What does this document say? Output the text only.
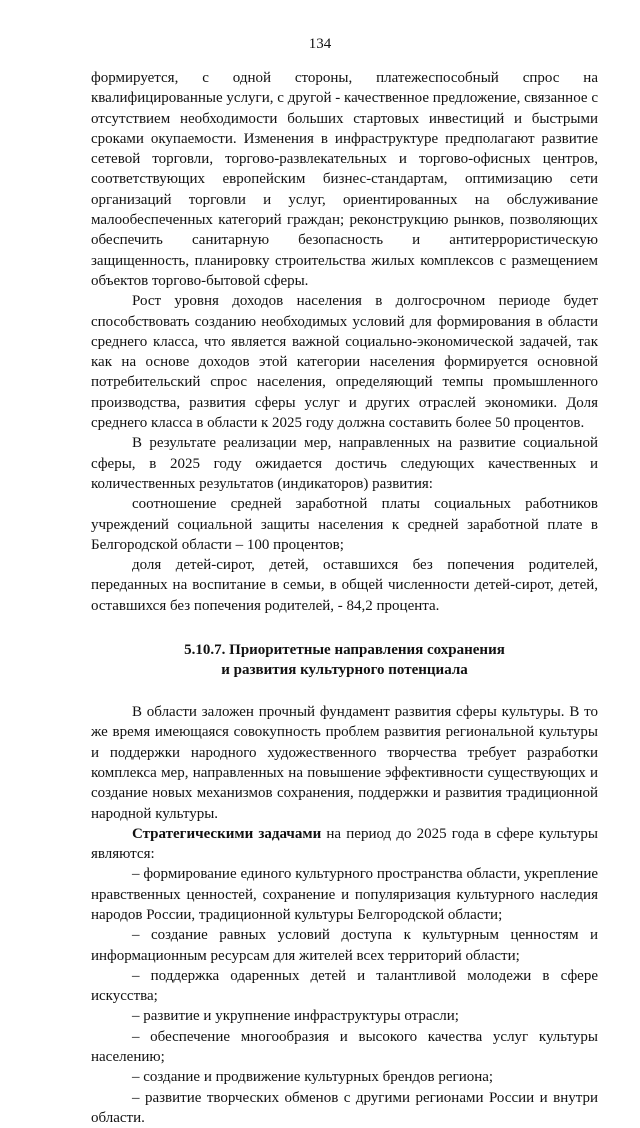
134

формируется, с одной стороны, платежеспособный спрос на квалифицированные услуги, с другой - качественное предложение, связанное с отсутствием необходимости больших стартовых инвестиций и быстрыми сроками окупаемости. Изменения в инфраструктуре предполагают развитие сетевой торговли, торгово-развлекательных и торгово-офисных центров, соответствующих европейским бизнес-стандартам, оптимизацию сети организаций торговли и услуг, ориентированных на обслуживание малообеспеченных категорий граждан; реконструкцию рынков, позволяющих обеспечить санитарную безопасность и антитеррористическую защищенность, планировку строительства жилых комплексов с размещением объектов торгово-бытовой сферы.

Рост уровня доходов населения в долгосрочном периоде будет способствовать созданию необходимых условий для формирования в области среднего класса, что является важной социально-экономической задачей, так как на основе доходов этой категории населения формируется основной потребительский спрос населения, определяющий темпы промышленного производства, развития сферы услуг и других отраслей экономики. Доля среднего класса в области к 2025 году должна составить более 50 процентов.

В результате реализации мер, направленных на развитие социальной сферы, в 2025 году ожидается достичь следующих качественных и количественных результатов (индикаторов) развития:

соотношение средней заработной платы социальных работников учреждений социальной защиты населения к средней заработной плате в Белгородской области – 100 процентов;

доля детей-сирот, детей, оставшихся без попечения родителей, переданных на воспитание в семьи, в общей численности детей-сирот, детей, оставшихся без попечения родителей, - 84,2 процента.

5.10.7. Приоритетные направления сохранения
и развития культурного потенциала

В области заложен прочный фундамент развития сферы культуры. В то же время имеющаяся совокупность проблем развития региональной культуры и поддержки народного художественного творчества требует разработки комплекса мер, направленных на повышение эффективности существующих и создание новых механизмов сохранения, поддержки и развития традиционной народной культуры.

Стратегическими задачами на период до 2025 года в сфере культуры являются:

– формирование единого культурного пространства области, укрепление нравственных ценностей, сохранение и популяризация культурного наследия народов России, традиционной культуры Белгородской области;

– создание равных условий доступа к культурным ценностям и информационным ресурсам для жителей всех территорий области;

– поддержка одаренных детей и талантливой молодежи в сфере искусства;

– развитие и укрупнение инфраструктуры отрасли;

– обеспечение многообразия и высокого качества услуг культуры населению;

– создание и продвижение культурных брендов региона;

– развитие творческих обменов с другими регионами России и внутри области.
